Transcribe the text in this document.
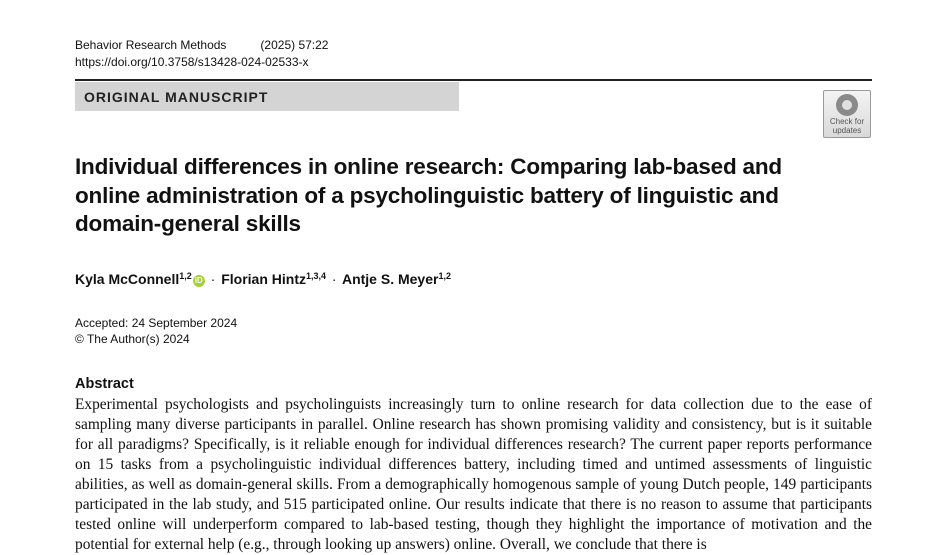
Behavior Research Methods	(2025) 57:22
https://doi.org/10.3758/s13428-024-02533-x
ORIGINAL MANUSCRIPT
Check for
updates
Individual differences in online research: Comparing lab-based and online administration of a psycholinguistic battery of linguistic and domain-general skills
Kyla McConnell$^{1,2}$ iD · Florian Hintz$^{1,3,4}$ · Antje S. Meyer$^{1,2}$
Accepted: 24 September 2024
© The Author(s) 2024
Abstract

Experimental psychologists and psycholinguists increasingly turn to online research for data collection due to the ease of sampling many diverse participants in parallel. Online research has shown promising validity and consistency, but is it suitable for all paradigms? Specifically, is it reliable enough for individual differences research? The current paper reports performance on 15 tasks from a psycholinguistic individual differences battery, including timed and untimed assessments of linguistic abilities, as well as domain-general skills. From a demographically homogenous sample of young Dutch people, 149 participants participated in the lab study, and 515 participated online. Our results indicate that there is no reason to assume that participants tested online will underperform compared to lab-based testing, though they highlight the importance of motivation and the potential for external help (e.g., through looking up answers) online. Overall, we conclude that there is
